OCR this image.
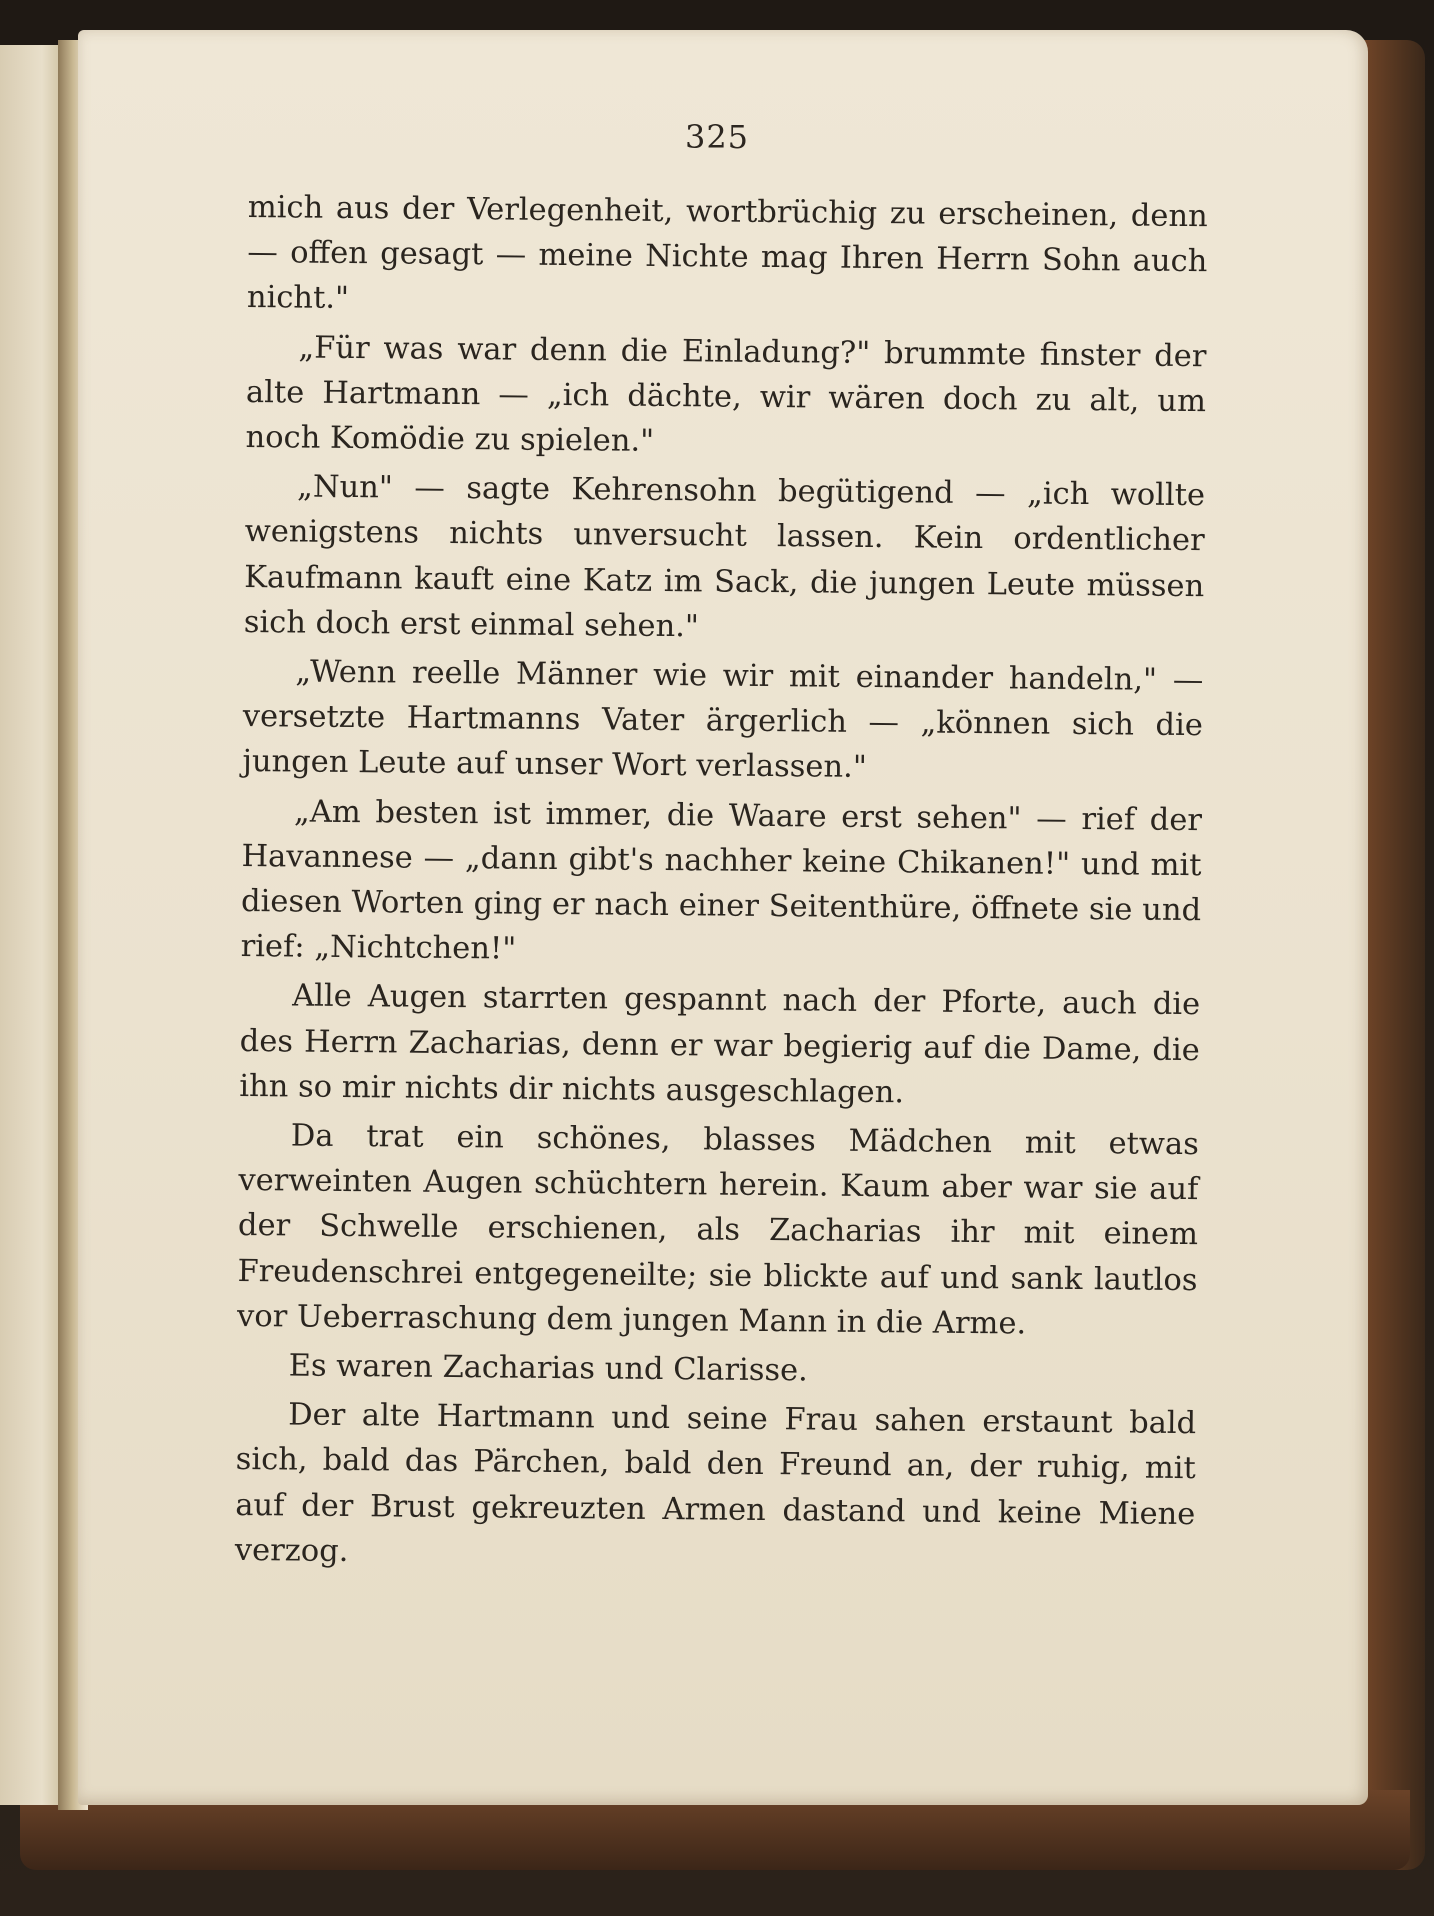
325

mich aus der Verlegenheit, wortbrüchig zu erscheinen, denn — offen gesagt — meine Nichte mag Ihren Herrn Sohn auch nicht."

„Für was war denn die Einladung?" brummte finster der alte Hartmann — „ich dächte, wir wären doch zu alt, um noch Komödie zu spielen."

„Nun" — sagte Kehrensohn begütigend — „ich wollte wenigstens nichts unversucht lassen. Kein ordentlicher Kaufmann kauft eine Katz im Sack, die jungen Leute müssen sich doch erst einmal sehen."

„Wenn reelle Männer wie wir mit einander handeln," — versetzte Hartmanns Vater ärgerlich — „können sich die jungen Leute auf unser Wort verlassen."

„Am besten ist immer, die Waare erst sehen" — rief der Havannese — „dann gibt's nachher keine Chikanen!" und mit diesen Worten ging er nach einer Seitenthüre, öffnete sie und rief: „Nichtchen!"

Alle Augen starrten gespannt nach der Pforte, auch die des Herrn Zacharias, denn er war begierig auf die Dame, die ihn so mir nichts dir nichts ausgeschlagen.

Da trat ein schönes, blasses Mädchen mit etwas verweinten Augen schüchtern herein. Kaum aber war sie auf der Schwelle erschienen, als Zacharias ihr mit einem Freudenschrei entgegeneilte; sie blickte auf und sank lautlos vor Ueberraschung dem jungen Mann in die Arme.

Es waren Zacharias und Clarisse.

Der alte Hartmann und seine Frau sahen erstaunt bald sich, bald das Pärchen, bald den Freund an, der ruhig, mit auf der Brust gekreuzten Armen dastand und keine Miene verzog.
